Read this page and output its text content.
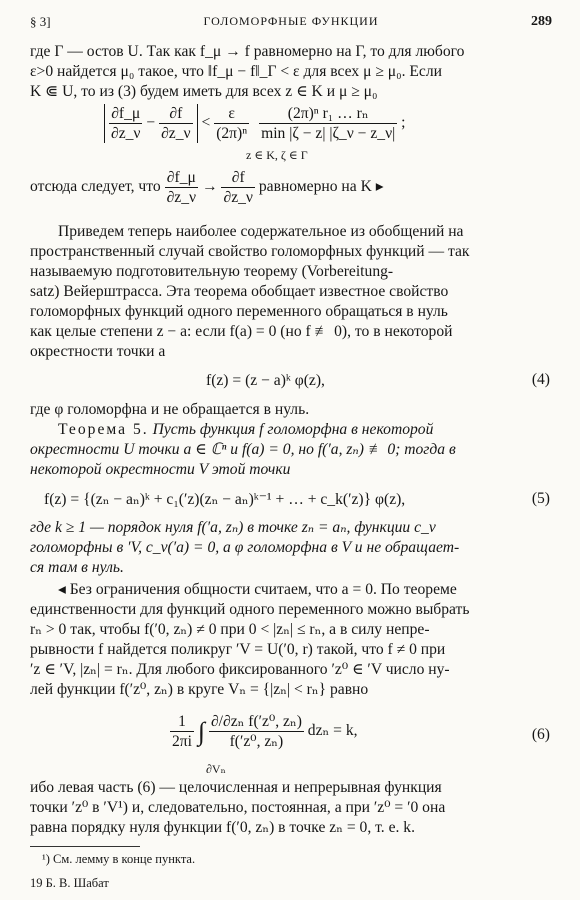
§ 3]	ГОЛОМОРФНЫЕ ФУНКЦИИ	289
где Γ — остов U. Так как f_μ → f равномерно на Γ, то для любого
ε>0 найдется μ₀ такое, что ‖f_μ − f‖_Γ < ε для всех μ ≥ μ₀. Если
K ⋐ U, то из (3) будем иметь для всех z ∈ K и μ ≥ μ₀
$\frac{\partial f\_\mu}{\partial z\_\nu} - \frac{\partial f}{\partial z\_\nu} < \frac{\varepsilon}{\text{(2π)ⁿ}}$
$\frac{\text{(2π)ⁿ r₁ … rₙ}}{\min |\zeta - z| |\zeta\_\nu - z\_\nu|}$ ;
z ∈ K, ζ ∈ Γ
отсюда следует, что $\frac{\partial f\_\mu}{\partial z\_\nu} \to \frac{\partial f}{\partial z\_\nu}$ равномерно на K ▸
Приведем теперь наиболее содержательное из обобщений на
пространственный случай свойство голоморфных функций — так
называемую подготовительную теорему (Vorbereitung-
satz) Вейерштрасса. Эта теорема обобщает известное свойство
голоморфных функций одного переменного обращаться в нуль
как целые степени z − a: если f(a) = 0 (но f ≢ 0), то в некоторой
окрестности точки a
f(z) = (z − a)ᵏ φ(z),	(4)
где φ голоморфна и не обращается в нуль.
Теорема 5. Пусть функция f голоморфна в некоторой
окрестности U точки a ∈ ℂⁿ и f(a) = 0, но f(′a, zₙ) ≢ 0; тогда в
некоторой окрестности V этой точки
f(z) = {(zₙ − aₙ)ᵏ + c₁(′z)(zₙ − aₙ)ᵏ⁻¹ + … + c_k(′z)} φ(z),	(5)
где k ≥ 1 — порядок нуля f(′a, zₙ) в точке zₙ = aₙ, функции c_ν
голоморфны в ′V, c_ν(′a) = 0, а φ голоморфна в V и не обращает-
ся там в нуль.
◂ Без ограничения общности считаем, что a = 0. По теореме
единственности для функций одного переменного можно выбрать
rₙ > 0 так, чтобы f(′0, zₙ) ≠ 0 при 0 < |zₙ| ≤ rₙ, а в силу непре-
рывности f найдется поликруг ′V = U(′0, r) такой, что f ≠ 0 при
′z ∈ ′V, |zₙ| = rₙ. Для любого фиксированного ′z⁰ ∈ ′V число ну-
лей функции f(′z⁰, zₙ) в круге Vₙ = {|zₙ| < rₙ} равно
$\frac{1}{2\pi i}$ ∫ $\frac{\text{∂/∂zₙ f(′z⁰, zₙ)}}{\text{f(′z⁰, zₙ)}}$ dzₙ = k,
∂Vₙ
(6)
ибо левая часть (6) — целочисленная и непрерывная функция
точки ′z⁰ в ′V¹) и, следовательно, постоянная, а при ′z⁰ = ′0 она
равна порядку нуля функции f(′0, zₙ) в точке zₙ = 0, т. е. k.
¹) См. лемму в конце пункта.
19 Б. В. Шабат
